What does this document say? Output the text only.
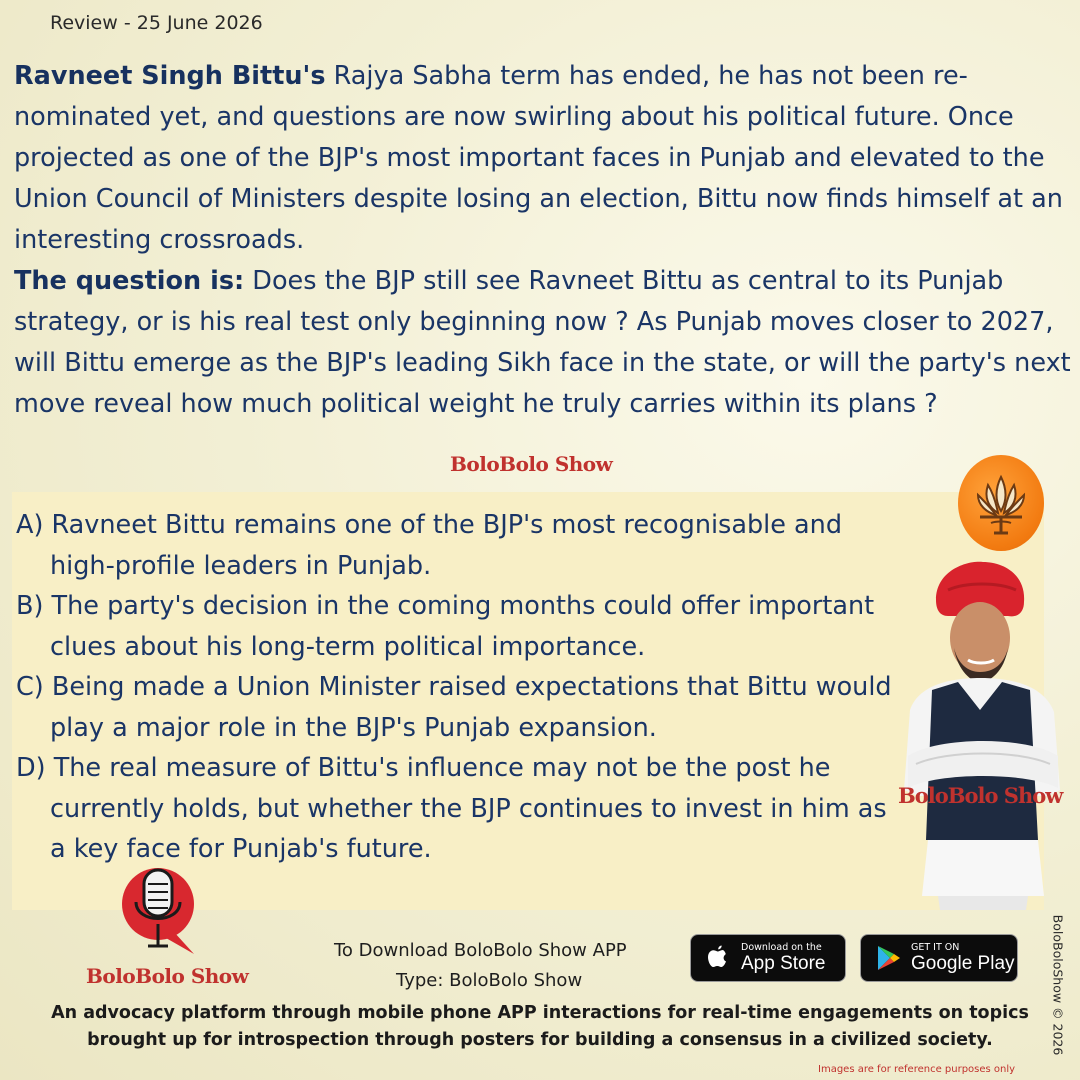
Review - 25 June 2026

Ravneet Singh Bittu's Rajya Sabha term has ended, he has not been re-nominated yet, and questions are now swirling about his political future. Once projected as one of the BJP's most important faces in Punjab and elevated to the Union Council of Ministers despite losing an election, Bittu now finds himself at an interesting crossroads.

The question is: Does the BJP still see Ravneet Bittu as central to its Punjab strategy, or is his real test only beginning now ? As Punjab moves closer to 2027, will Bittu emerge as the BJP's leading Sikh face in the state, or will the party's next move reveal how much political weight he truly carries within its plans ?

BoloBolo Show

A) Ravneet Bittu remains one of the BJP's most recognisable and high-profile leaders in Punjab.

B) The party's decision in the coming months could offer important clues about his long-term political importance.

C) Being made a Union Minister raised expectations that Bittu would play a major role in the BJP's Punjab expansion.

D) The real measure of Bittu's influence may not be the post he currently holds, but whether the BJP continues to invest in him as a key face for Punjab's future.

BoloBolo Show
BoloBolo Show
To Download BoloBolo Show APP
Type: BoloBolo Show
Download on the
App Store
GET IT ON
Google Play
An advocacy platform through mobile phone APP interactions for real-time engagements on topics brought up for introspection through posters for building a consensus in a civilized society.	BoloBoloShow © 2026
Images are for reference purposes only
